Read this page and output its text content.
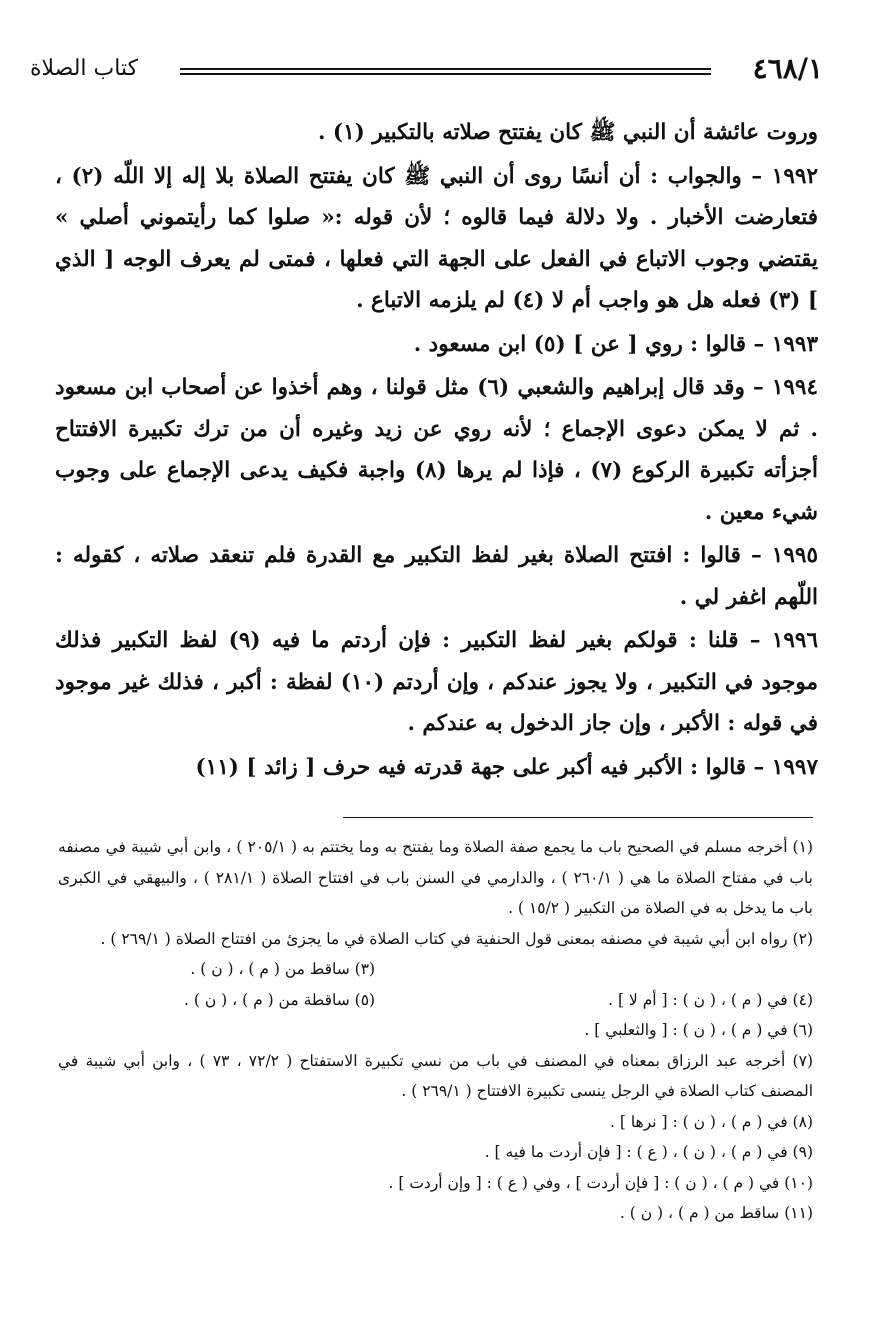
٤٦٨/١
كتاب الصلاة

وروت عائشة أن النبي ﷺ كان يفتتح صلاته بالتكبير (١) .

١٩٩٢ – والجواب : أن أنسًا روى أن النبي ﷺ كان يفتتح الصلاة بلا إله إلا اللّه (٢) ، فتعارضت الأخبار . ولا دلالة فيما قالوه ؛ لأن قوله :« صلوا كما رأيتموني أصلي » يقتضي وجوب الاتباع في الفعل على الجهة التي فعلها ، فمتى لم يعرف الوجه [ الذي ] (٣) فعله هل هو واجب أم لا (٤) لم يلزمه الاتباع .

١٩٩٣ – قالوا : روي [ عن ] (٥) ابن مسعود .

١٩٩٤ – وقد قال إبراهيم والشعبي (٦) مثل قولنا ، وهم أخذوا عن أصحاب ابن مسعود . ثم لا يمكن دعوى الإجماع ؛ لأنه روي عن زيد وغيره أن من ترك تكبيرة الافتتاح أجزأته تكبيرة الركوع (٧) ، فإذا لم يرها (٨) واجبة فكيف يدعى الإجماع على وجوب شيء معين .

١٩٩٥ – قالوا : افتتح الصلاة بغير لفظ التكبير مع القدرة فلم تنعقد صلاته ، كقوله : اللّهم اغفر لي .

١٩٩٦ – قلنا : قولكم بغير لفظ التكبير : فإن أردتم ما فيه (٩) لفظ التكبير فذلك موجود في التكبير ، ولا يجوز عندكم ، وإن أردتم (١٠) لفظة : أكبر ، فذلك غير موجود في قوله : الأكبر ، وإن جاز الدخول به عندكم .

١٩٩٧ – قالوا : الأكبر فيه أكبر على جهة قدرته فيه حرف [ زائد ] (١١)

(١) أخرجه مسلم في الصحيح باب ما يجمع صفة الصلاة وما يفتتح به وما يختتم به ( ٢٠٥/١ ) ، وابن أبي شيبة في مصنفه باب في مفتاح الصلاة ما هي ( ٢٦٠/١ ) ، والدارمي في السنن باب في افتتاح الصلاة ( ٢٨١/١ ) ، والبيهقي في الكبرى باب ما يدخل به في الصلاة من التكبير ( ١٥/٢ ) .

(٢) رواه ابن أبي شيبة في مصنفه بمعنى قول الحنفية في كتاب الصلاة في ما يجزئ من افتتاح الصلاة ( ٢٦٩/١ ) .

(٣) ساقط من ( م ) ، ( ن ) .
(٤) في ( م ) ، ( ن ) : [ أم لا ] .
(٥) ساقطة من ( م ) ، ( ن ) .

(٦) في ( م ) ، ( ن ) : [ والثعلبي ] .

(٧) أخرجه عبد الرزاق بمعناه في المصنف في باب من نسي تكبيرة الاستفتاح ( ٧٢/٢ ، ٧٣ ) ، وابن أبي شيبة في المصنف كتاب الصلاة في الرجل ينسى تكبيرة الافتتاح ( ٢٦٩/١ ) .

(٨) في ( م ) ، ( ن ) : [ نرها ] .

(٩) في ( م ) ، ( ن ) ، ( ع ) : [ فإن أردت ما فيه ] .

(١٠) في ( م ) ، ( ن ) : [ فإن أردت ] ، وفي ( ع ) : [ وإن أردت ] .

(١١) ساقط من ( م ) ، ( ن ) .
